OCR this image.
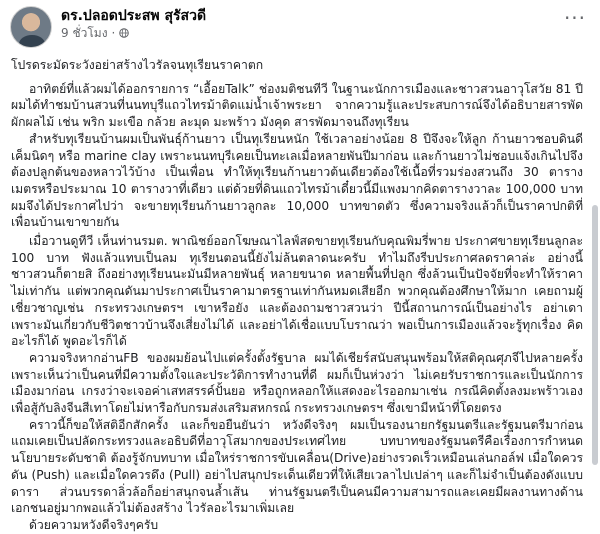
ดร.ปลอดประสพ สุรัสวดี
9 ชั่วโมง ·
···

โปรดระมัดระวังอย่าสร้างไวรัลจนทุเรียนราคาตก

อาทิตย์ที่แล้วผมได้ออกรายการ “เอื้อยTalk” ช่องมติชนทีวี ในฐานะนักการเมืองและชาวสวนอาวุโสวัย 81 ปี ผมได้ทำชมบ้านสวนที่นนทบุรีแถวไทรม้าติดแม่น้ำเจ้าพระยา จากความรู้และประสบการณ์จึงได้อธิบายสารพัดผักผลไม้ เช่น พริก มะเขือ กล้วย ละมุด มะพร้าว มังคุด สารพัดมาจนถึงทุเรียน

สำหรับทุเรียนบ้านผมเป็นพันธุ์ก้านยาว เป็นทุเรียนหนัก ใช้เวลาอย่างน้อย 8 ปีจึงจะให้ลูก ก้านยาวชอบดินดีเค็มนิดๆ หรือ marine clay เพราะนนทบุรีเคยเป็นทะเลเมื่อหลายพันปีมาก่อน และก้านยาวไม่ชอบแจ้งเกินไปจึงต้องปลูกต้นของหลาวไว้บ้าง เป็นเพื่อน ทำให้ทุเรียนก้านยาวต้นเดียวต้องใช้เนื้อที่รวมร่องสวนถึง 30 ตารางเมตรหรือประมาณ 10 ตารางวาที่เดียว แต่ด้วยที่ดินแถวไทรม้าเดี๋ยวนี้มีแพงมากคิดตารางวาละ 100,000 บาท ผมจึงได้ประกาศไปว่า จะขายทุเรียนก้านยาวลูกละ 10,000 บาทขาดตัว ซึ่งความจริงแล้วก็เป็นราคาปกติที่เพื่อนบ้านเขาขายกัน

เมื่อวานดูทีวี เห็นท่านรมต. พาณิชย์ออกโฆษณาไลฟ์สดขายทุเรียนกับคุณพิมรี่พาย ประกาศขายทุเรียนลูกละ 100 บาท ฟังแล้วแทบเป็นลม ทุเรียนตอนนี้ยังไม่ล้นตลาดนะครับ ทำไมถึงรีบประกาศลดราคาล่ะ อย่างนี้ชาวสวนก็ตายสิ ถึงอย่างทุเรียนนะมันมีหลายพันธุ์ หลายขนาด หลายพื้นที่ปลูก ซึ่งล้วนเป็นปัจจัยที่จะทำให้ราคาไม่เท่ากัน แต่พวกคุณดันมาประกาศเป็นราคามาตรฐานเท่ากันหมดเสียอีก พวกคุณต้องศึกษาให้มาก เคยถามผู้เชี่ยวชาญเช่น กระทรวงเกษตรฯ เขาหรือยัง และต้องถามชาวสวนว่า ปีนี้สถานการณ์เป็นอย่างไร อย่าเดา เพราะมันเกี่ยวกับชีวิตชาวบ้านจึงเสี่ยงไม่ได้ และอย่าได้เชื่อแบบโบราณว่า พอเป็นการเมืองแล้วจะรู้ทุกเรื่อง คิดอะไรก็ได้ พูดอะไรก็ได้

ความจริงหากอ่านFB ของผมย้อนไปแต่ครั้งตั้งรัฐบาล ผมได้เชียร์สนับสนุนพร้อมให้สติคุณศุภจีไปหลายครั้ง เพราะเห็นว่าเป็นคนที่มีความตั้งใจและประวัติการทำงานที่ดี ผมก็เป็นห่วงว่า ไม่เคยรับราชการและเป็นนักการเมืองมาก่อน เกรงว่าจะเจอค่าเสทสรรค์ปั้นยอ หรือถูกหลอกให้แสดงอะไรออกมาเช่น กรณีคิดตั้งลงมะพร้าวเองเพื่อสู้กับลิงจีนสีเทาโดยไม่หารือกับกรมส่งเสริมสหกรณ์ กระทรวงเกษตรฯ ซึ่งเขามีหน้าที่โดยตรง

คราวนี้ก็ขอให้สติอีกสักครั้ง และก็ขอยืนยันว่า หวังดีจริงๆ ผมเป็นรองนายกรัฐมนตรีและรัฐมนตรีมาก่อน แถมเคยเป็นปลัดกระทรวงและอธิบดีที่อาวุโสมากของประเทศไทย บทบาทของรัฐมนตรีคือเรื่องการกำหนดนโยบายระดับชาติ ต้องรู้จักบทบาท เมื่อใหร่ราชการขับเคลื่อน(Drive)อย่างรวดเร็วเหมือนเล่นกอล์ฟ เมื่อใดควรดัน (Push) และเมื่อใดควรดึง (Pull) อย่าไปสนุกประเด็นเดียวที่ให้เสียเวลาไปเปล่าๆ และก็ไม่จำเป็นต้องดังแบบดารา ส่วนบรรดาลิ่วล้อก็อย่าสนุกจนล้ำเส้น ท่านรัฐมนตรีเป็นคนมีความสามารถและเคยมีผลงานทางด้านเอกชนอยู่มากพอแล้วไม่ต้องสร้าง ไวรัลอะไรมาเพิ่มเลย

ด้วยความหวังดีจริงๆครับ
